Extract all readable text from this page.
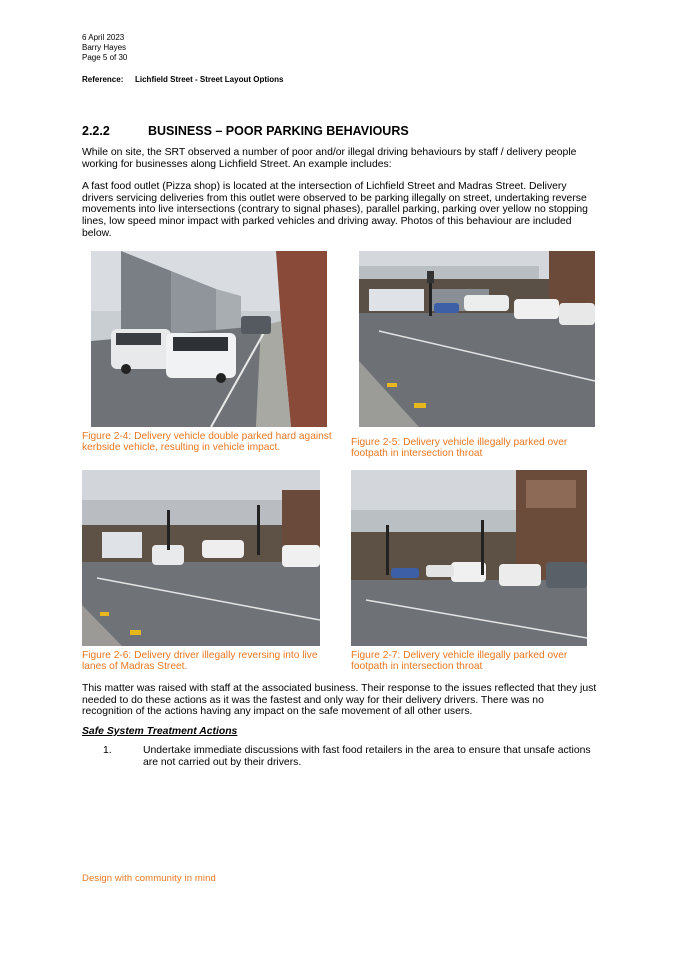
6 April 2023
Barry Hayes
Page 5 of 30
Reference: Lichfield Street - Street Layout Options
2.2.2	BUSINESS – POOR PARKING BEHAVIOURS

While on site, the SRT observed a number of poor and/or illegal driving behaviours by staff / delivery people working for businesses along Lichfield Street. An example includes:

A fast food outlet (Pizza shop) is located at the intersection of Lichfield Street and Madras Street. Delivery drivers servicing deliveries from this outlet were observed to be parking illegally on street, undertaking reverse movements into live intersections (contrary to signal phases), parallel parking, parking over yellow no stopping lines, low speed minor impact with parked vehicles and driving away. Photos of this behaviour are included below.

Figure 2-4: Delivery vehicle double parked hard against kerbside vehicle, resulting in vehicle impact.	Figure 2-5: Delivery vehicle illegally parked over footpath in intersection throat

Figure 2-6: Delivery driver illegally reversing into live lanes of Madras Street.

Figure 2-7: Delivery vehicle illegally parked over footpath in intersection throat

This matter was raised with staff at the associated business. Their response to the issues reflected that they just needed to do these actions as it was the fastest and only way for their delivery drivers. There was no recognition of the actions having any impact on the safe movement of all other users.

Safe System Treatment Actions
1.	Undertake immediate discussions with fast food retailers in the area to ensure that unsafe actions are not carried out by their drivers.
Design with community in mind
